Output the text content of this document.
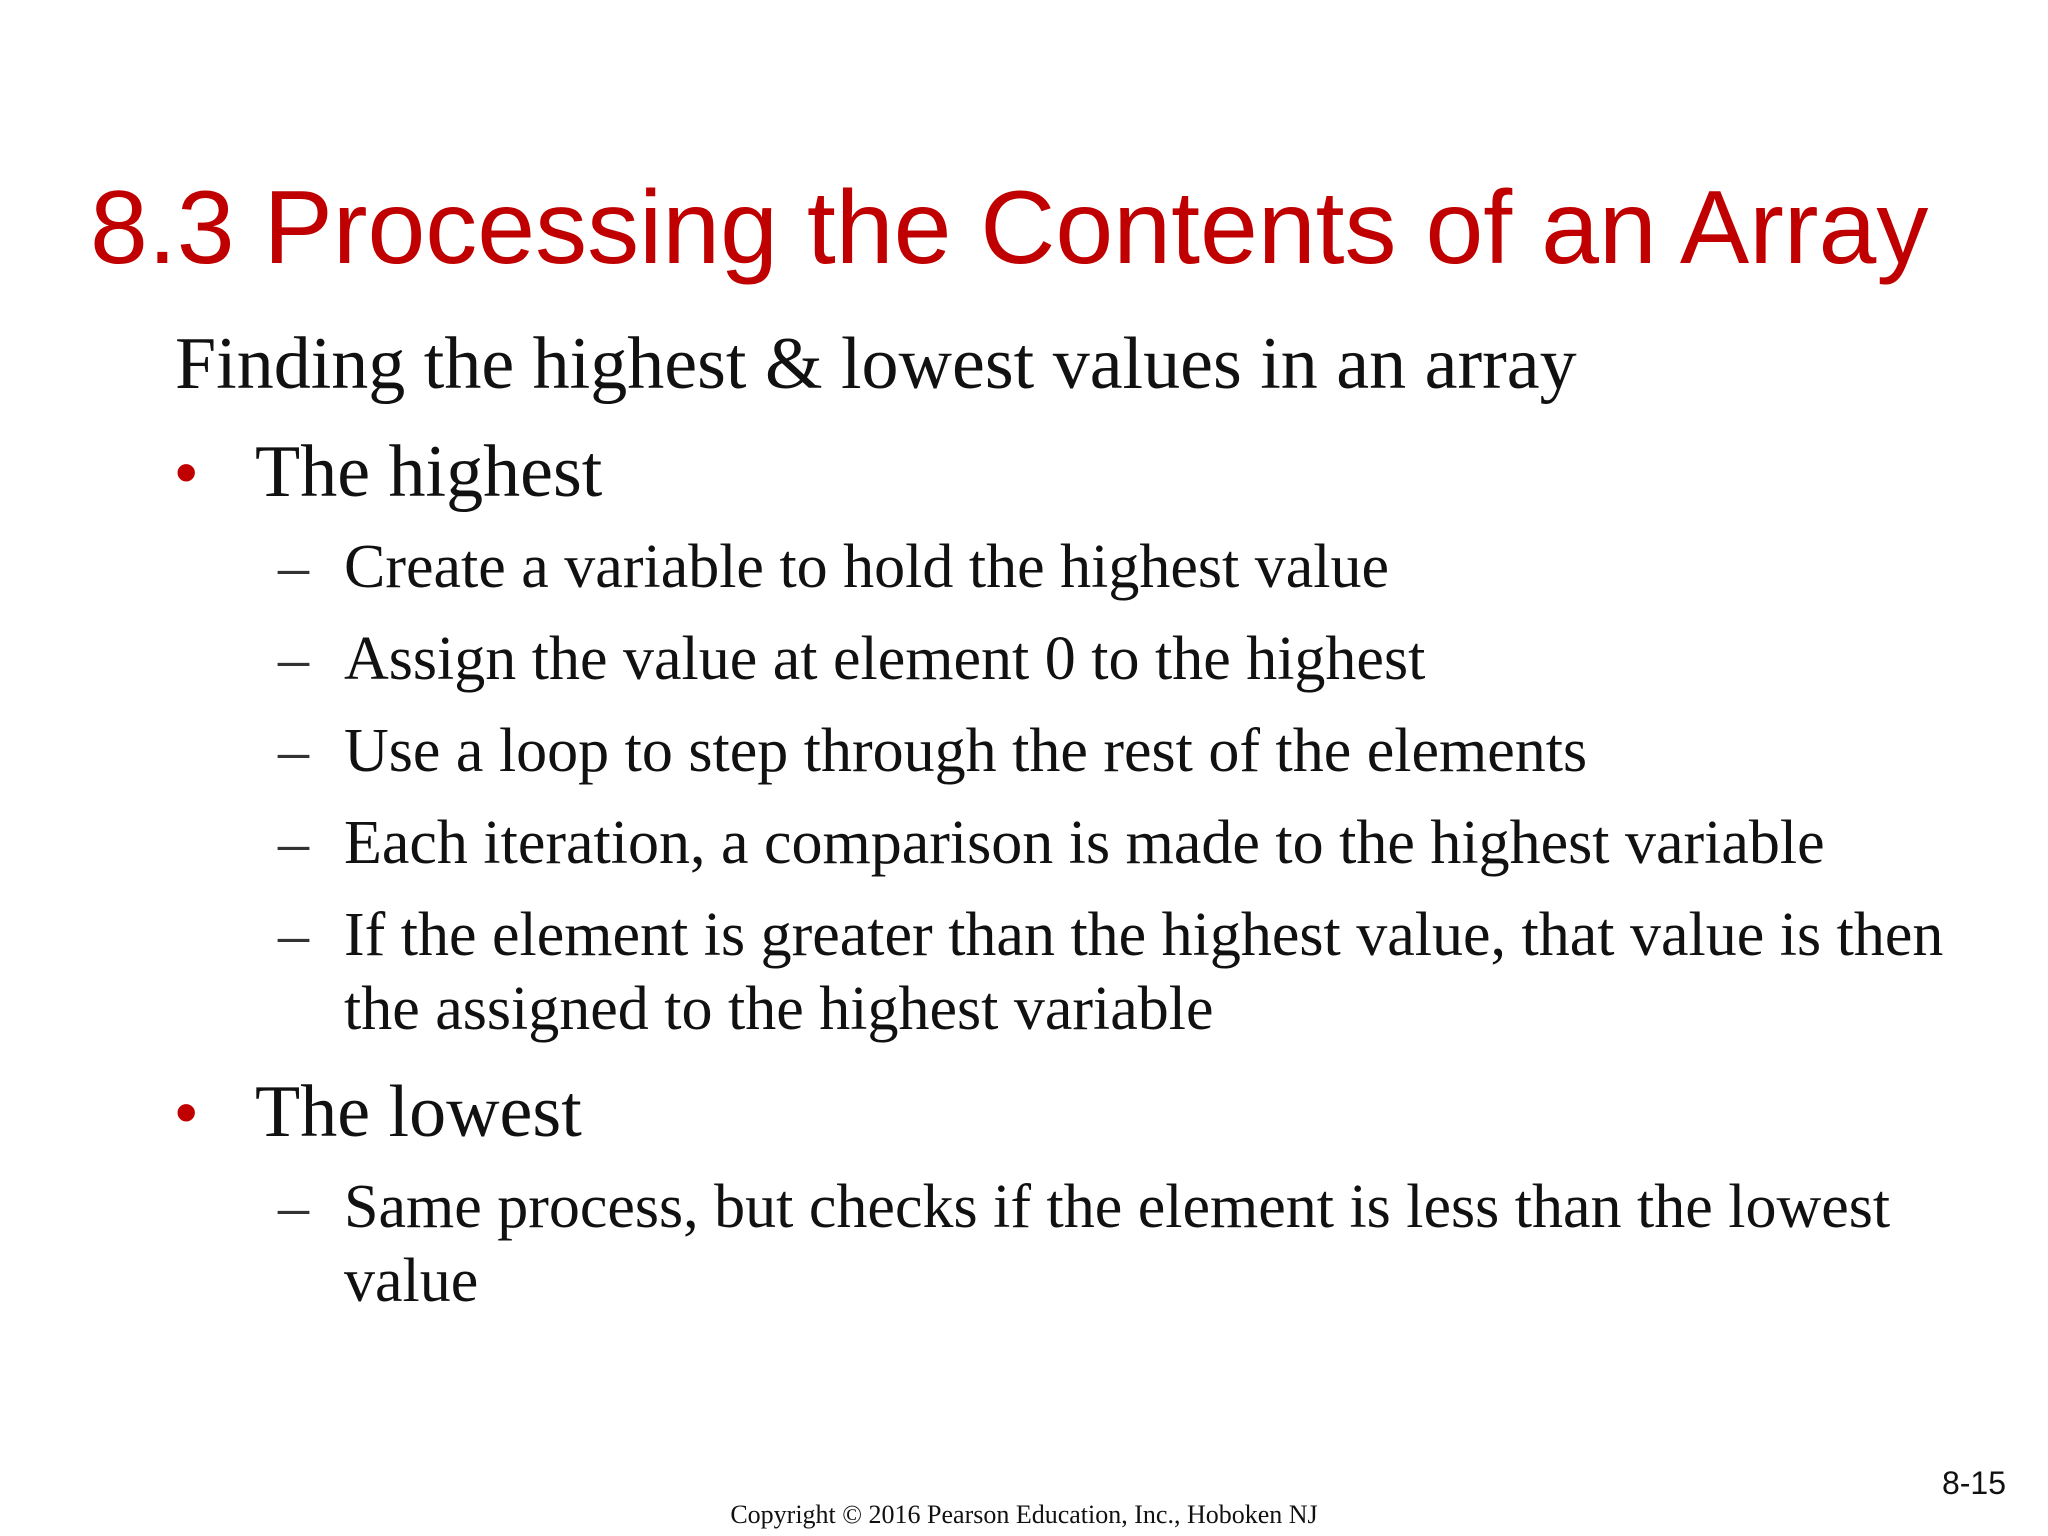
8.3 Processing the Contents of an Array
Finding the highest & lowest values in an array
• The highest
– Create a variable to hold the highest value
– Assign the value at element 0 to the highest
– Use a loop to step through the rest of the elements
– Each iteration, a comparison is made to the highest variable
– If the element is greater than the highest value, that value is then the assigned to the highest variable
• The lowest
– Same process, but checks if the element is less than the lowest value
8-15
Copyright © 2016 Pearson Education, Inc., Hoboken NJ
